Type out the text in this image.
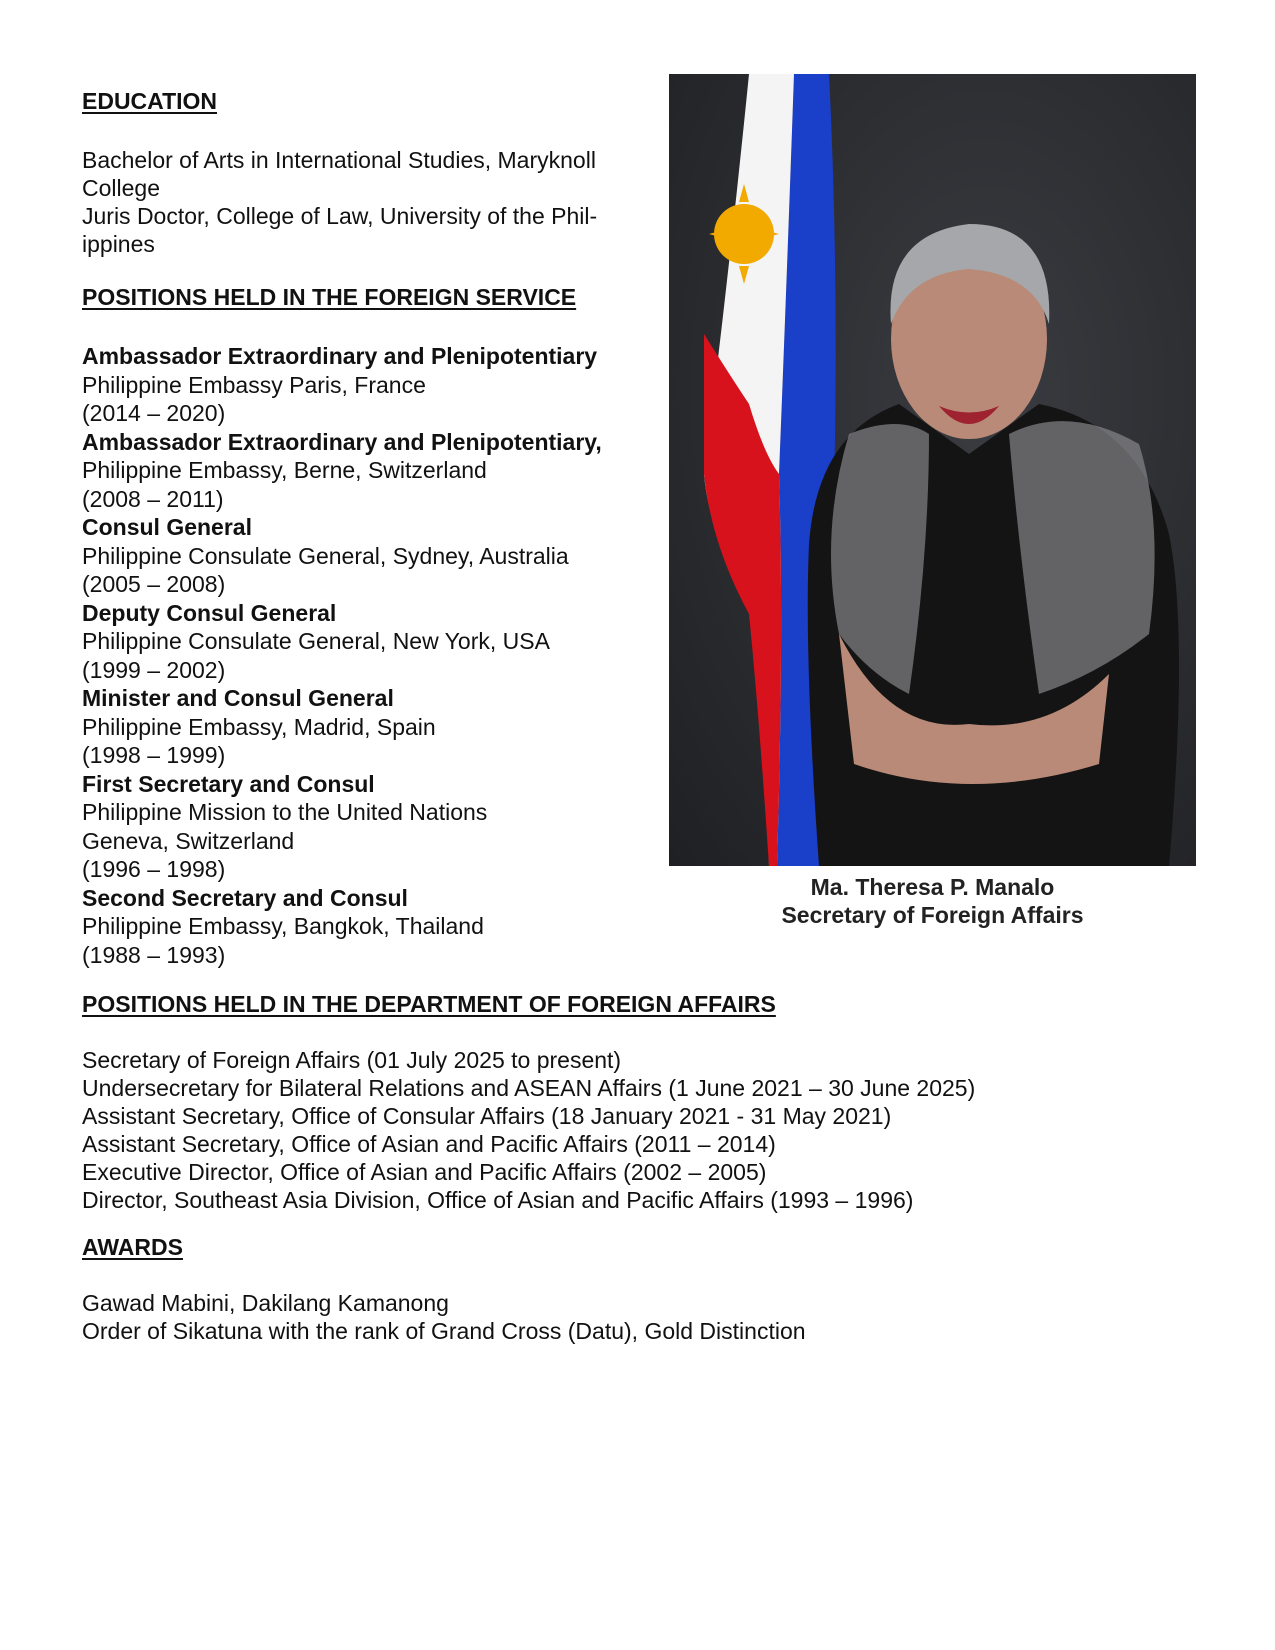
EDUCATION
Bachelor of Arts in International Studies, Maryknoll
College
Juris Doctor, College of Law, University of the Phil-
ippines
POSITIONS HELD IN THE FOREIGN SERVICE
Ambassador Extraordinary and Plenipotentiary
Philippine Embassy Paris, France
(2014 – 2020)
Ambassador Extraordinary and Plenipotentiary,
Philippine Embassy, Berne, Switzerland
(2008 – 2011)
Consul General
Philippine Consulate General, Sydney, Australia
(2005 – 2008)
Deputy Consul General
Philippine Consulate General, New York, USA
(1999 – 2002)
Minister and Consul General
Philippine Embassy, Madrid, Spain
(1998 – 1999)
First Secretary and Consul
Philippine Mission to the United Nations
Geneva, Switzerland
(1996 – 1998)
Second Secretary and Consul
Philippine Embassy, Bangkok, Thailand
(1988 – 1993)
Ma. Theresa P. Manalo
Secretary of Foreign Affairs
POSITIONS HELD IN THE DEPARTMENT OF FOREIGN AFFAIRS
Secretary of Foreign Affairs (01 July 2025 to present)
Undersecretary for Bilateral Relations and ASEAN Affairs (1 June 2021 – 30 June 2025)
Assistant Secretary, Office of Consular Affairs (18 January 2021 - 31 May 2021)
Assistant Secretary, Office of Asian and Pacific Affairs (2011 – 2014)
Executive Director, Office of Asian and Pacific Affairs (2002 – 2005)
Director, Southeast Asia Division, Office of Asian and Pacific Affairs (1993 – 1996)
AWARDS
Gawad Mabini, Dakilang Kamanong
Order of Sikatuna with the rank of Grand Cross (Datu), Gold Distinction
